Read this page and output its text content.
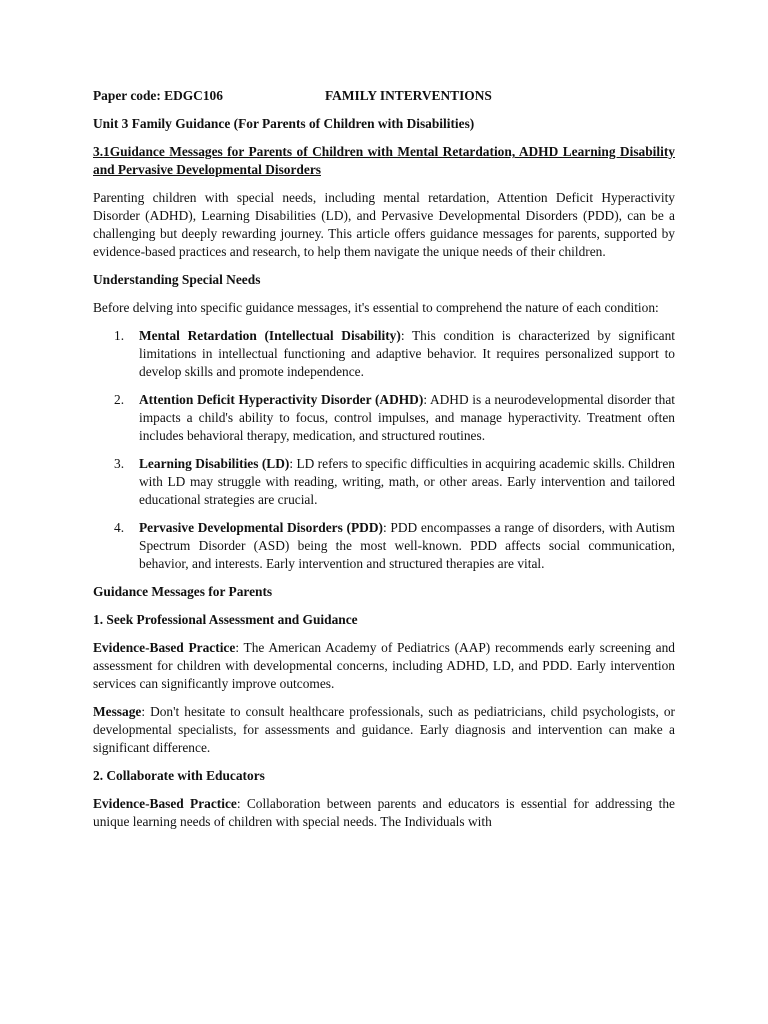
Paper code: EDGC106	FAMILY INTERVENTIONS

Unit 3 Family Guidance (For Parents of Children with Disabilities)

3.1Guidance Messages for Parents of Children with Mental Retardation, ADHD Learning Disability and Pervasive Developmental Disorders

Parenting children with special needs, including mental retardation, Attention Deficit Hyperactivity Disorder (ADHD), Learning Disabilities (LD), and Pervasive Developmental Disorders (PDD), can be a challenging but deeply rewarding journey. This article offers guidance messages for parents, supported by evidence-based practices and research, to help them navigate the unique needs of their children.

Understanding Special Needs

Before delving into specific guidance messages, it's essential to comprehend the nature of each condition:

1.	Mental Retardation (Intellectual Disability): This condition is characterized by significant limitations in intellectual functioning and adaptive behavior. It requires personalized support to develop skills and promote independence.
2.	Attention Deficit Hyperactivity Disorder (ADHD): ADHD is a neurodevelopmental disorder that impacts a child's ability to focus, control impulses, and manage hyperactivity. Treatment often includes behavioral therapy, medication, and structured routines.
3.	Learning Disabilities (LD): LD refers to specific difficulties in acquiring academic skills. Children with LD may struggle with reading, writing, math, or other areas. Early intervention and tailored educational strategies are crucial.
4.	Pervasive Developmental Disorders (PDD): PDD encompasses a range of disorders, with Autism Spectrum Disorder (ASD) being the most well-known. PDD affects social communication, behavior, and interests. Early intervention and structured therapies are vital.

Guidance Messages for Parents

1. Seek Professional Assessment and Guidance

Evidence-Based Practice: The American Academy of Pediatrics (AAP) recommends early screening and assessment for children with developmental concerns, including ADHD, LD, and PDD. Early intervention services can significantly improve outcomes.

Message: Don't hesitate to consult healthcare professionals, such as pediatricians, child psychologists, or developmental specialists, for assessments and guidance. Early diagnosis and intervention can make a significant difference.

2. Collaborate with Educators

Evidence-Based Practice: Collaboration between parents and educators is essential for addressing the unique learning needs of children with special needs. The Individuals with
